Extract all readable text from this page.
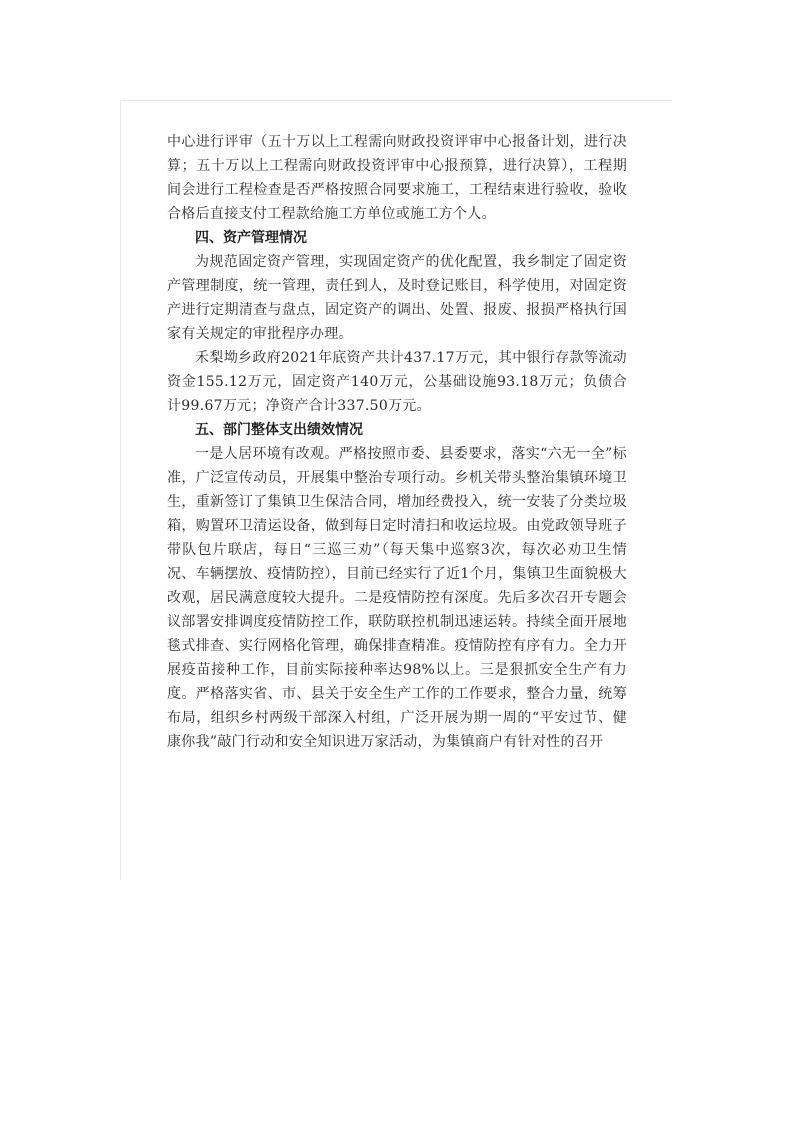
中心进行评审（五十万以上工程需向财政投资评审中心报备计划，进行决算；五十万以上工程需向财政投资评审中心报预算，进行决算），工程期间会进行工程检查是否严格按照合同要求施工，工程结束进行验收，验收合格后直接支付工程款给施工方单位或施工方个人。

四、资产管理情况

为规范固定资产管理，实现固定资产的优化配置，我乡制定了固定资产管理制度，统一管理，责任到人，及时登记账目，科学使用，对固定资产进行定期清查与盘点，固定资产的调出、处置、报废、报损严格执行国家有关规定的审批程序办理。

禾梨坳乡政府2021年底资产共计437.17万元，其中银行存款等流动资金155.12万元，固定资产140万元，公基础设施93.18万元；负债合计99.67万元；净资产合计337.50万元。

五、部门整体支出绩效情况

一是人居环境有改观。严格按照市委、县委要求，落实“六无一全”标准，广泛宣传动员，开展集中整治专项行动。乡机关带头整治集镇环境卫生，重新签订了集镇卫生保洁合同，增加经费投入，统一安装了分类垃圾箱，购置环卫清运设备，做到每日定时清扫和收运垃圾。由党政领导班子带队包片联店，每日“三巡三劝”（每天集中巡察3次，每次必劝卫生情况、车辆摆放、疫情防控），目前已经实行了近1个月，集镇卫生面貌极大改观，居民满意度较大提升。二是疫情防控有深度。先后多次召开专题会议部署安排调度疫情防控工作，联防联控机制迅速运转。持续全面开展地毯式排查、实行网格化管理，确保排查精准。疫情防控有序有力。全力开展疫苗接种工作，目前实际接种率达98%以上。三是狠抓安全生产有力度。严格落实省、市、县关于安全生产工作的工作要求，整合力量，统筹布局，组织乡村两级干部深入村组，广泛开展为期一周的“平安过节、健康你我”敲门行动和安全知识进万家活动，为集镇商户有针对性的召开
